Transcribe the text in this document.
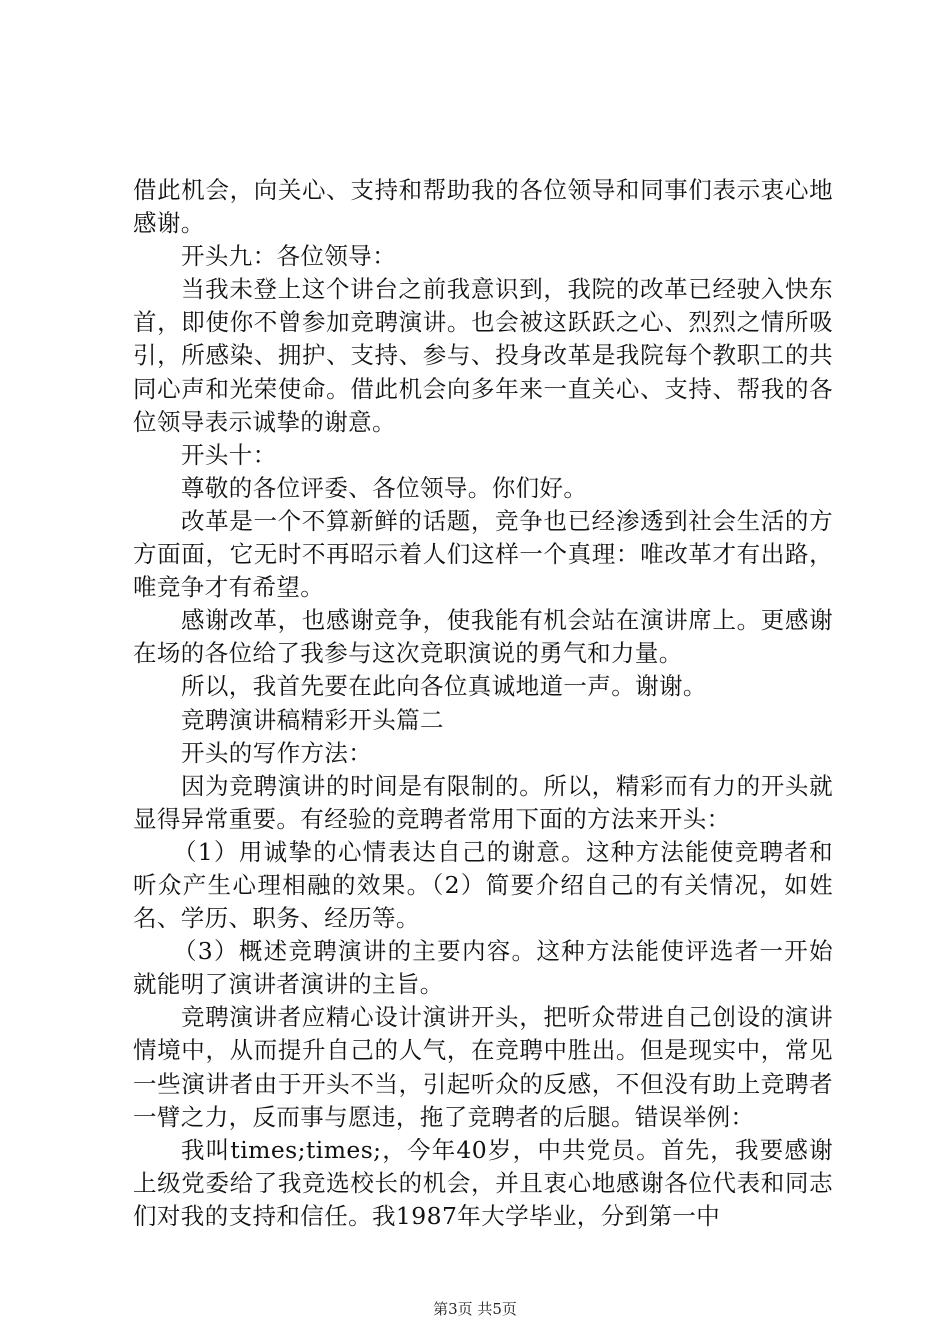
借此机会，向关心、支持和帮助我的各位领导和同事们表示衷心地感谢。

开头九：各位领导：

当我未登上这个讲台之前我意识到，我院的改革已经驶入快东首，即使你不曾参加竞聘演讲。也会被这跃跃之心、烈烈之情所吸引，所感染、拥护、支持、参与、投身改革是我院每个教职工的共同心声和光荣使命。借此机会向多年来一直关心、支持、帮我的各位领导表示诚挚的谢意。

开头十：

尊敬的各位评委、各位领导。你们好。

改革是一个不算新鲜的话题，竞争也已经渗透到社会生活的方方面面，它无时不再昭示着人们这样一个真理：唯改革才有出路，唯竞争才有希望。

感谢改革，也感谢竞争，使我能有机会站在演讲席上。更感谢在场的各位给了我参与这次竞职演说的勇气和力量。

所以，我首先要在此向各位真诚地道一声。谢谢。

竞聘演讲稿精彩开头篇二

开头的写作方法：

因为竞聘演讲的时间是有限制的。所以，精彩而有力的开头就显得异常重要。有经验的竞聘者常用下面的方法来开头：

（1）用诚挚的心情表达自己的谢意。这种方法能使竞聘者和听众产生心理相融的效果。（2）简要介绍自己的有关情况，如姓名、学历、职务、经历等。

（3）概述竞聘演讲的主要内容。这种方法能使评选者一开始就能明了演讲者演讲的主旨。

竞聘演讲者应精心设计演讲开头，把听众带进自己创设的演讲情境中，从而提升自己的人气，在竞聘中胜出。但是现实中，常见一些演讲者由于开头不当，引起听众的反感，不但没有助上竞聘者一臂之力，反而事与愿违，拖了竞聘者的后腿。错误举例：

我叫times;times;，今年40岁，中共党员。首先，我要感谢上级党委给了我竞选校长的机会，并且衷心地感谢各位代表和同志们对我的支持和信任。我1987年大学毕业，分到第一中

第3页 共5页
